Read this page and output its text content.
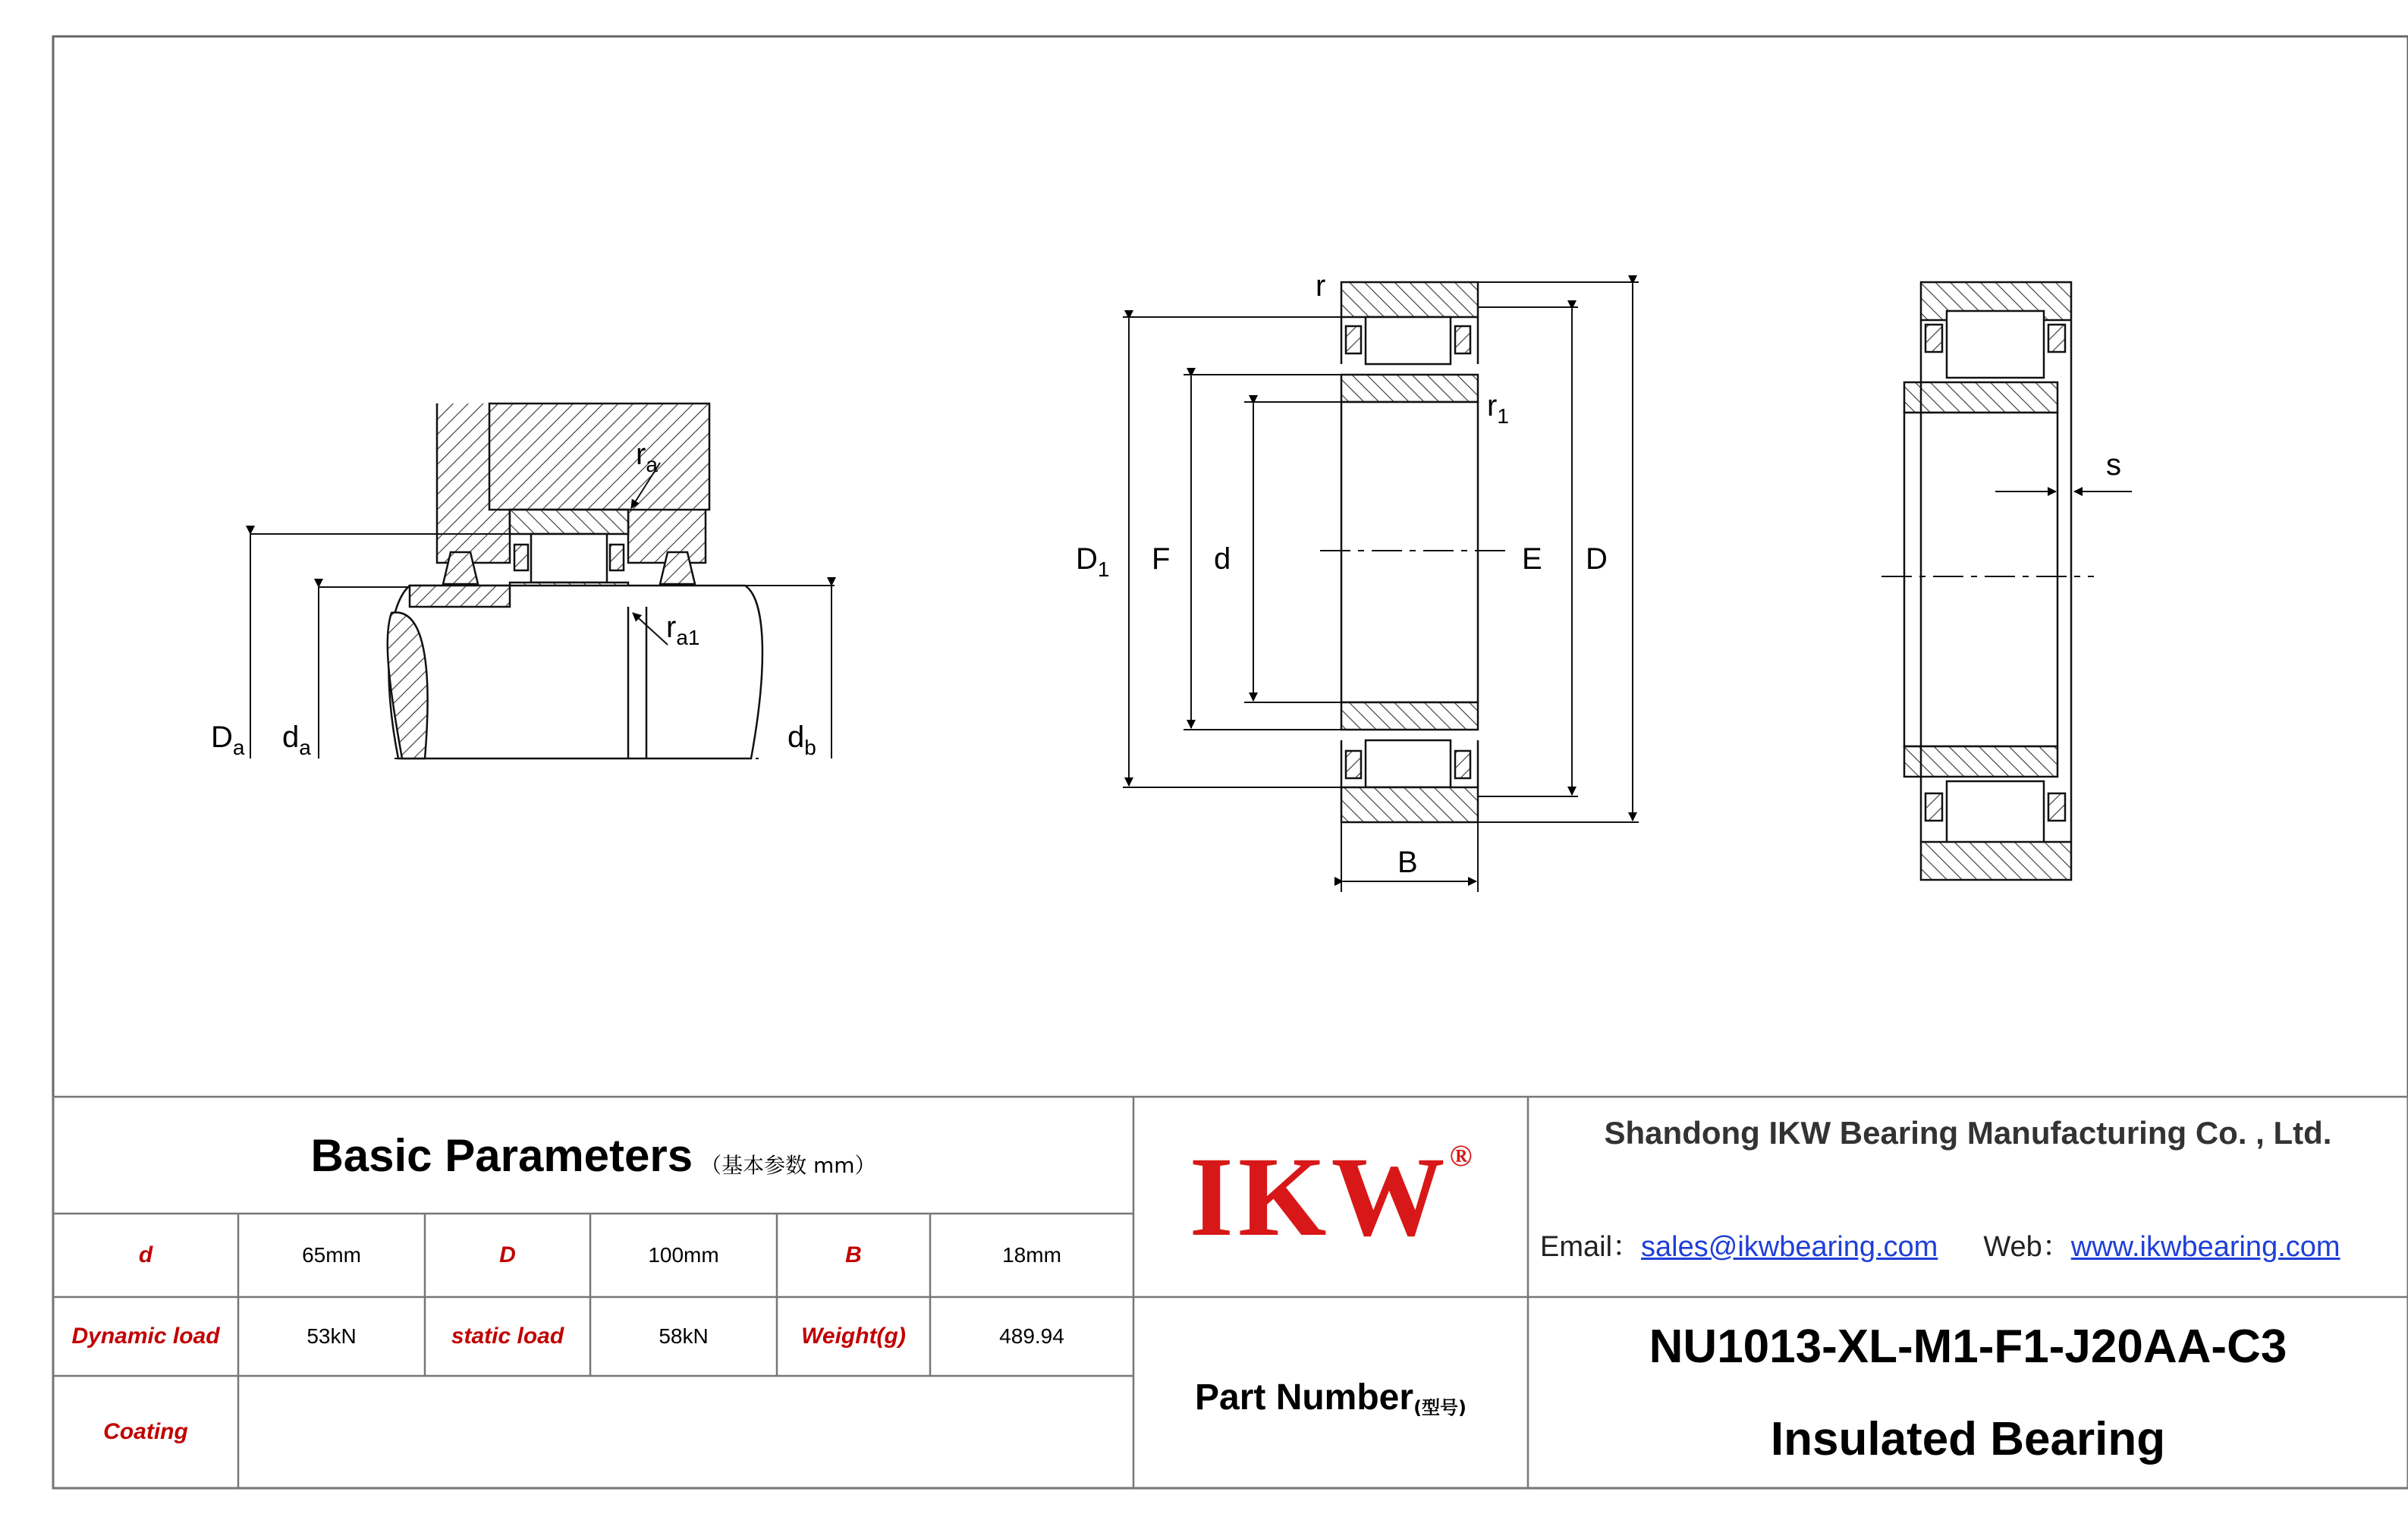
$D_a$ $d_a$	$d_b$
$r_a$
$r_{a1}$
r
$r_1$
$D_1$ F d	E D
B
s
Basic Parameters （基本参数 mm）
d	65mm	D	100mm	B	18mm
Dynamic load	53kN	static load	58kN	Weight(g)	489.94
Coating
IKW ®
Part Number (型号)
Shandong IKW Bearing Manufacturing Co. , Ltd.
Email：sales@ikwbearing.com Web：www.ikwbearing.com
NU1013-XL-M1-F1-J20AA-C3
Insulated Bearing
